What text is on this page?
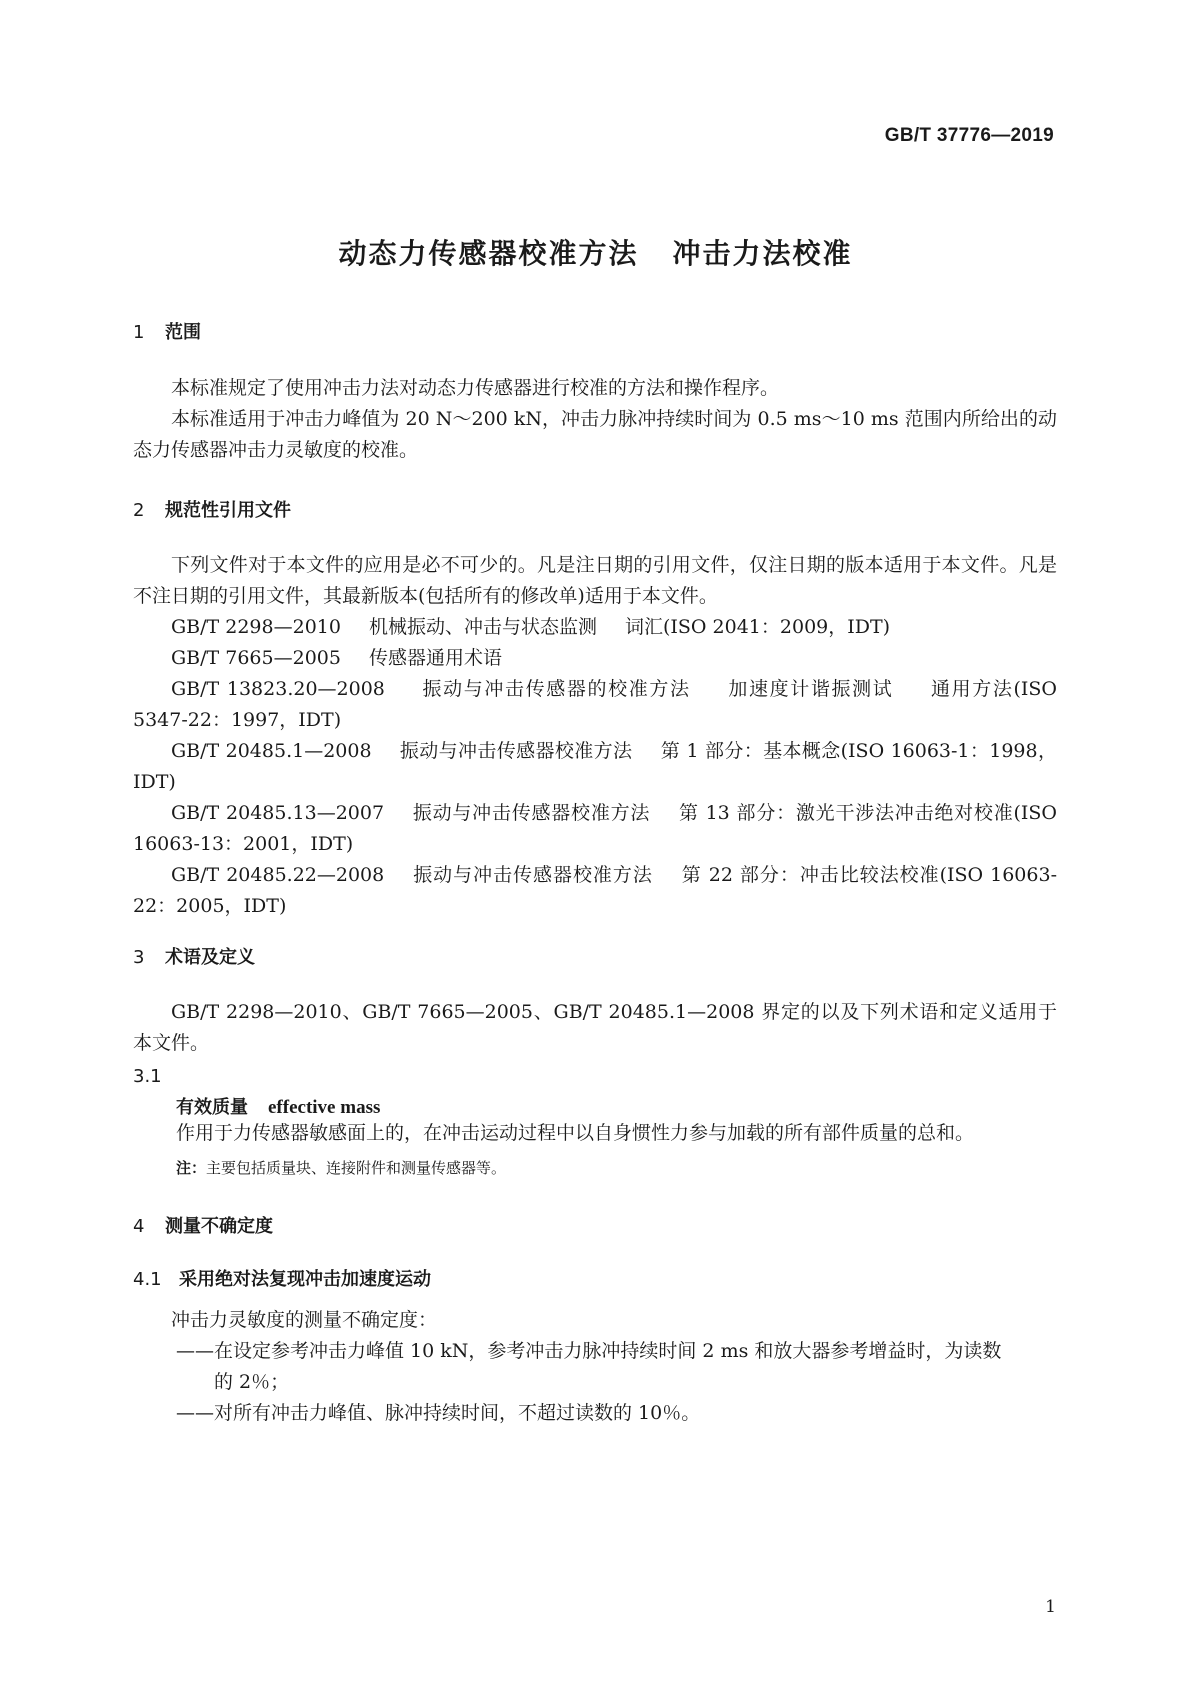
GB/T 37776—2019
动态力传感器校准方法 冲击力法校准
1 范围
本标准规定了使用冲击力法对动态力传感器进行校准的方法和操作程序。
本标准适用于冲击力峰值为 20 N～200 kN，冲击力脉冲持续时间为 0.5 ms～10 ms 范围内所给出的动态力传感器冲击力灵敏度的校准。
2 规范性引用文件
下列文件对于本文件的应用是必不可少的。凡是注日期的引用文件，仅注日期的版本适用于本文件。凡是不注日期的引用文件，其最新版本(包括所有的修改单)适用于本文件。
GB/T 2298—2010 机械振动、冲击与状态监测 词汇(ISO 2041：2009，IDT)
GB/T 7665—2005 传感器通用术语
GB/T 13823.20—2008 振动与冲击传感器的校准方法 加速度计谐振测试 通用方法(ISO 5347-22：1997，IDT)
GB/T 20485.1—2008 振动与冲击传感器校准方法 第 1 部分：基本概念(ISO 16063-1：1998，IDT)
GB/T 20485.13—2007 振动与冲击传感器校准方法 第 13 部分：激光干涉法冲击绝对校准(ISO 16063-13：2001，IDT)
GB/T 20485.22—2008 振动与冲击传感器校准方法 第 22 部分：冲击比较法校准(ISO 16063-22：2005，IDT)
3 术语及定义
GB/T 2298—2010、GB/T 7665—2005、GB/T 20485.1—2008 界定的以及下列术语和定义适用于本文件。
3.1
有效质量 effective mass
作用于力传感器敏感面上的，在冲击运动过程中以自身惯性力参与加载的所有部件质量的总和。
注：主要包括质量块、连接附件和测量传感器等。
4 测量不确定度
4.1 采用绝对法复现冲击加速度运动
冲击力灵敏度的测量不确定度：
——在设定参考冲击力峰值 10 kN，参考冲击力脉冲持续时间 2 ms 和放大器参考增益时，为读数
的 2％；
——对所有冲击力峰值、脉冲持续时间，不超过读数的 10％。
1
